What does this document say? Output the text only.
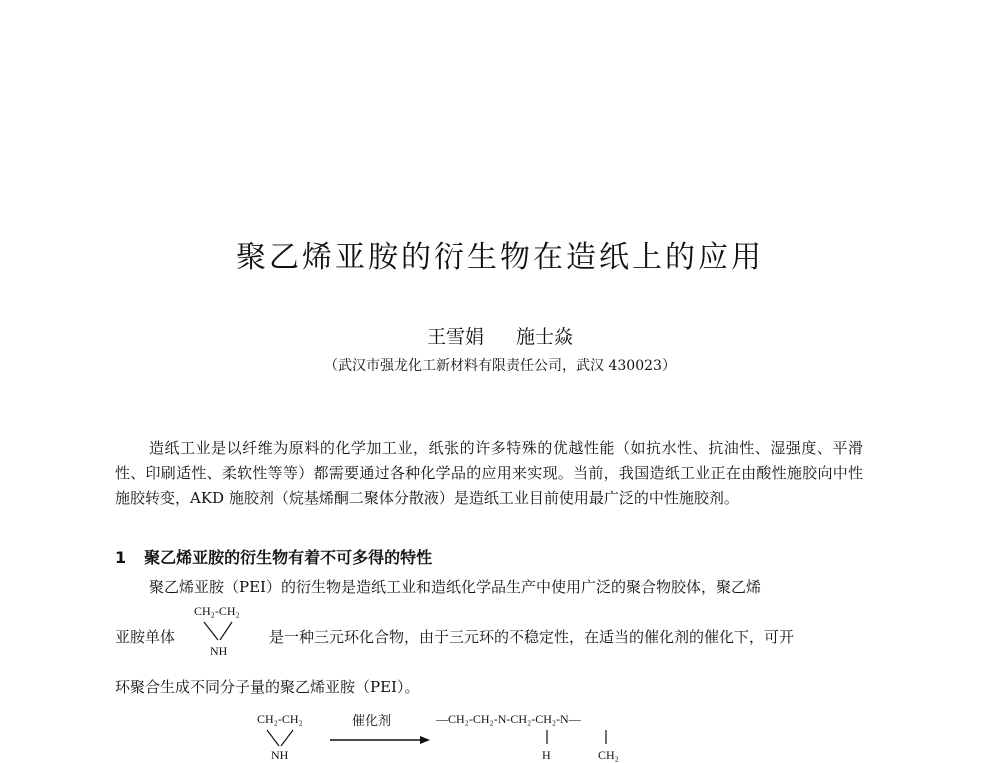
聚乙烯亚胺的衍生物在造纸上的应用
王雪娟 施士焱
（武汉市强龙化工新材料有限责任公司，武汉 430023）

造纸工业是以纤维为原料的化学加工业，纸张的许多特殊的优越性能（如抗水性、抗油性、湿强度、平滑性、印刷适性、柔软性等等）都需要通过各种化学品的应用来实现。当前，我国造纸工业正在由酸性施胶向中性施胶转变，AKD 施胶剂（烷基烯酮二聚体分散液）是造纸工业目前使用最广泛的中性施胶剂。

1 聚乙烯亚胺的衍生物有着不可多得的特性

聚乙烯亚胺（PEI）的衍生物是造纸工业和造纸化学品生产中使用广泛的聚合物胶体，聚乙烯

亚胺单体

CH₂-CH₂
NH

是一种三元环化合物，由于三元环的不稳定性，在适当的催化剂的催化下，可开

环聚合生成不同分子量的聚乙烯亚胺（PEI）。

CH₂-CH₂
NH
催化剂	—CH₂-CH₂-N-CH₂-CH₂-N—
H	CH₂
